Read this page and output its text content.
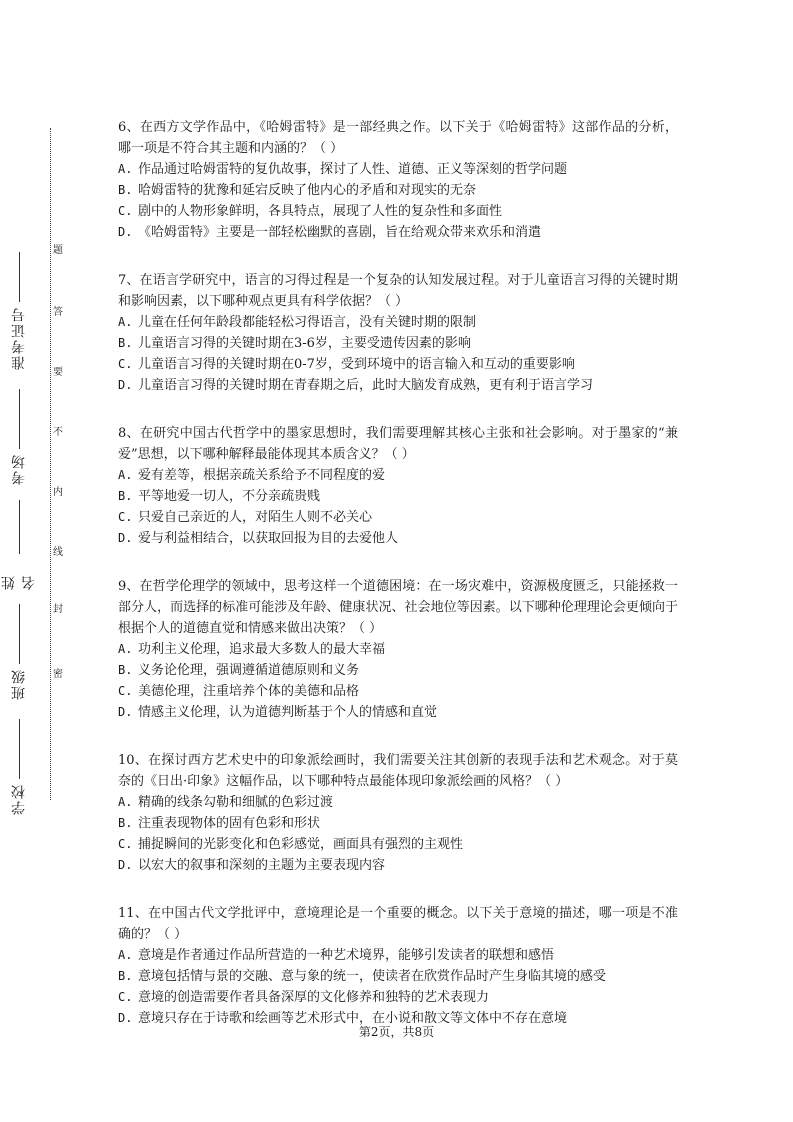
学校
班级
姓名
考场
准考证号
密
封
线
内
不
要
答
题

6、在西方文学作品中，《哈姆雷特》是一部经典之作。以下关于《哈姆雷特》这部作品的分析，哪一项是不符合其主题和内涵的？（ ）

A. 作品通过哈姆雷特的复仇故事，探讨了人性、道德、正义等深刻的哲学问题
B. 哈姆雷特的犹豫和延宕反映了他内心的矛盾和对现实的无奈
C. 剧中的人物形象鲜明，各具特点，展现了人性的复杂性和多面性
D. 《哈姆雷特》主要是一部轻松幽默的喜剧，旨在给观众带来欢乐和消遣

7、在语言学研究中，语言的习得过程是一个复杂的认知发展过程。对于儿童语言习得的关键时期和影响因素，以下哪种观点更具有科学依据？（ ）

A. 儿童在任何年龄段都能轻松习得语言，没有关键时期的限制
B. 儿童语言习得的关键时期在3-6岁，主要受遗传因素的影响
C. 儿童语言习得的关键时期在0-7岁，受到环境中的语言输入和互动的重要影响
D. 儿童语言习得的关键时期在青春期之后，此时大脑发育成熟，更有利于语言学习

8、在研究中国古代哲学中的墨家思想时，我们需要理解其核心主张和社会影响。对于墨家的“兼爱”思想，以下哪种解释最能体现其本质含义？（ ）

A. 爱有差等，根据亲疏关系给予不同程度的爱
B. 平等地爱一切人，不分亲疏贵贱
C. 只爱自己亲近的人，对陌生人则不必关心
D. 爱与利益相结合，以获取回报为目的去爱他人

9、在哲学伦理学的领域中，思考这样一个道德困境：在一场灾难中，资源极度匮乏，只能拯救一部分人，而选择的标准可能涉及年龄、健康状况、社会地位等因素。以下哪种伦理理论会更倾向于根据个人的道德直觉和情感来做出决策？（ ）

A. 功利主义伦理，追求最大多数人的最大幸福
B. 义务论伦理，强调遵循道德原则和义务
C. 美德伦理，注重培养个体的美德和品格
D. 情感主义伦理，认为道德判断基于个人的情感和直觉

10、在探讨西方艺术史中的印象派绘画时，我们需要关注其创新的表现手法和艺术观念。对于莫奈的《日出·印象》这幅作品，以下哪种特点最能体现印象派绘画的风格？（ ）

A. 精确的线条勾勒和细腻的色彩过渡
B. 注重表现物体的固有色彩和形状
C. 捕捉瞬间的光影变化和色彩感觉，画面具有强烈的主观性
D. 以宏大的叙事和深刻的主题为主要表现内容

11、在中国古代文学批评中，意境理论是一个重要的概念。以下关于意境的描述，哪一项是不准确的？（ ）

A. 意境是作者通过作品所营造的一种艺术境界，能够引发读者的联想和感悟
B. 意境包括情与景的交融、意与象的统一，使读者在欣赏作品时产生身临其境的感受
C. 意境的创造需要作者具备深厚的文化修养和独特的艺术表现力
D. 意境只存在于诗歌和绘画等艺术形式中，在小说和散文等文体中不存在意境
第2页，共8页
